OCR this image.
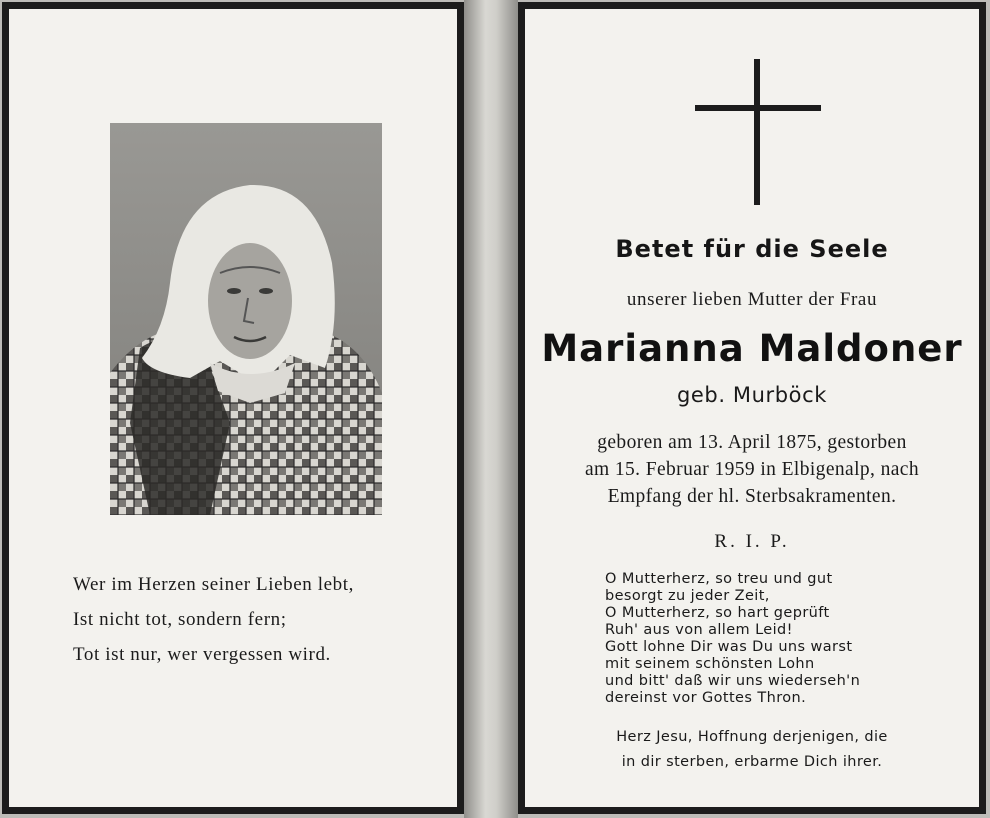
Wer im Herzen seiner Lieben lebt,
Ist nicht tot, sondern fern;
Tot ist nur, wer vergessen wird.
Betet für die Seele
unserer lieben Mutter der Frau
Marianna Maldoner
geb. Murböck
geboren am 13. April 1875, gestorben
am 15. Februar 1959 in Elbigenalp, nach
Empfang der hl. Sterbsakramenten.
R. I. P.
O Mutterherz, so treu und gut
besorgt zu jeder Zeit,
O Mutterherz, so hart geprüft
Ruh' aus von allem Leid!
Gott lohne Dir was Du uns warst
mit seinem schönsten Lohn
und bitt' daß wir uns wiederseh'n
dereinst vor Gottes Thron.
Herz Jesu, Hoffnung derjenigen, die
in dir sterben, erbarme Dich ihrer.
